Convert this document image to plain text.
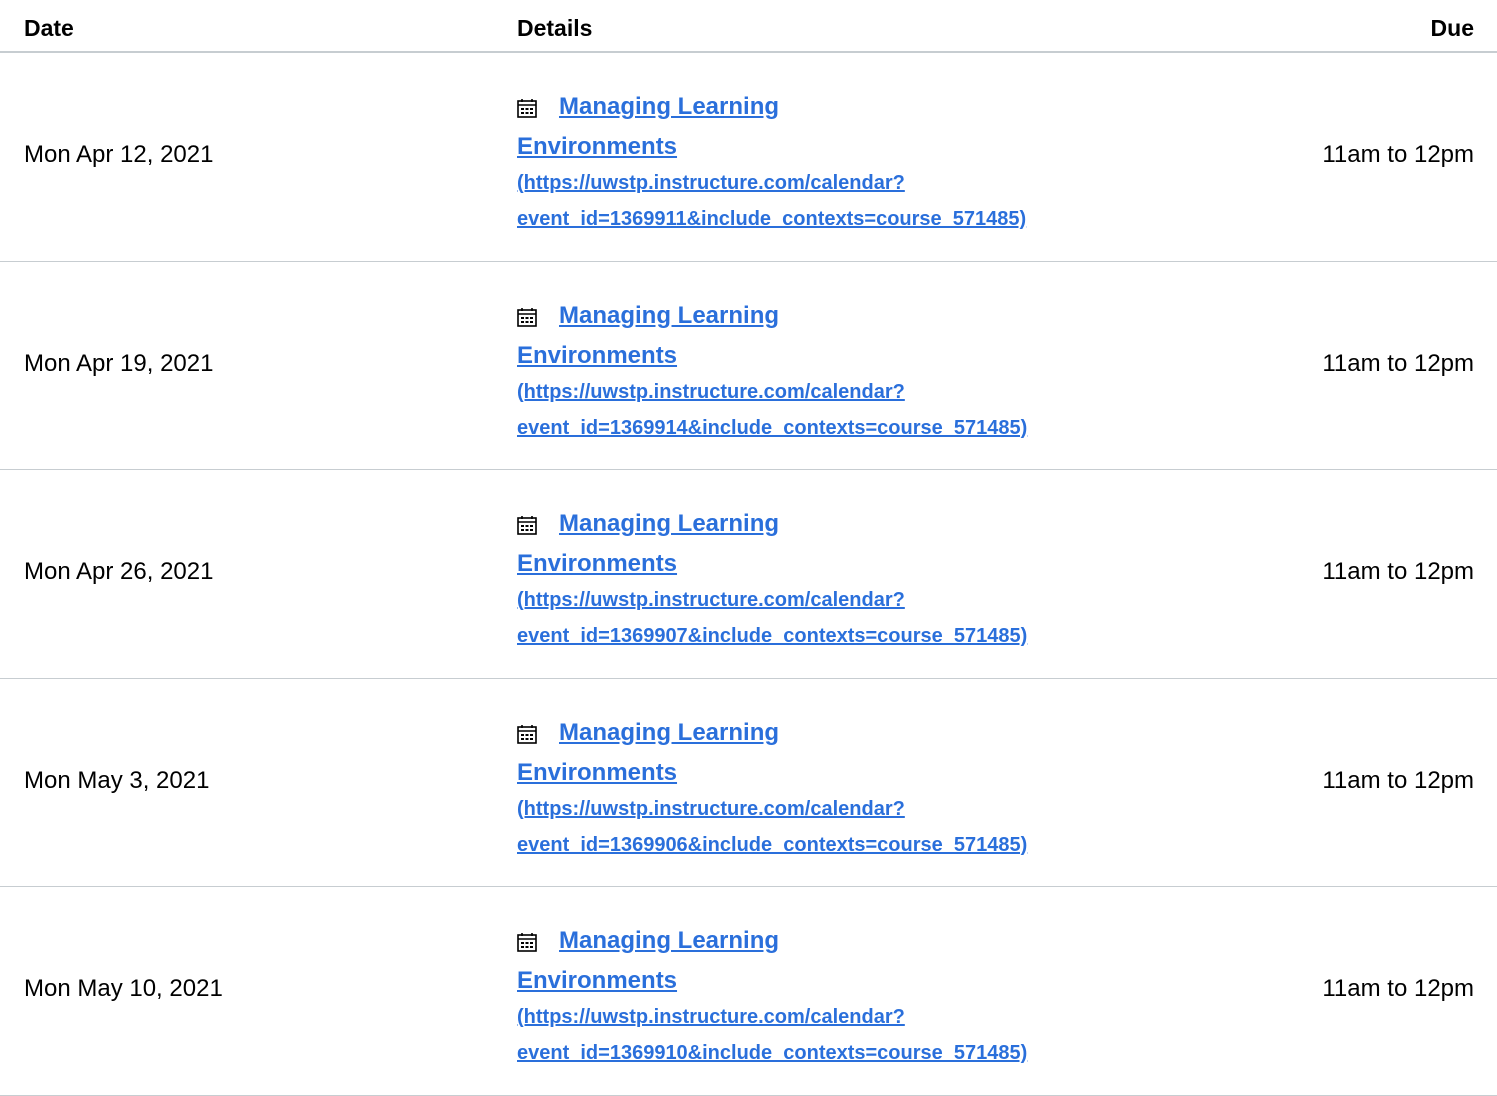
Date	Details	Due
Mon Apr 12, 2021
Managing Learning
Environments
(https://uwstp.instructure.com/calendar?
event_id=1369911&include_contexts=course_571485)
11am to 12pm
Mon Apr 19, 2021
Managing Learning
Environments
(https://uwstp.instructure.com/calendar?
event_id=1369914&include_contexts=course_571485)
11am to 12pm
Mon Apr 26, 2021
Managing Learning
Environments
(https://uwstp.instructure.com/calendar?
event_id=1369907&include_contexts=course_571485)
11am to 12pm
Mon May 3, 2021
Managing Learning
Environments
(https://uwstp.instructure.com/calendar?
event_id=1369906&include_contexts=course_571485)
11am to 12pm
Mon May 10, 2021
Managing Learning
Environments
(https://uwstp.instructure.com/calendar?
event_id=1369910&include_contexts=course_571485)
11am to 12pm
